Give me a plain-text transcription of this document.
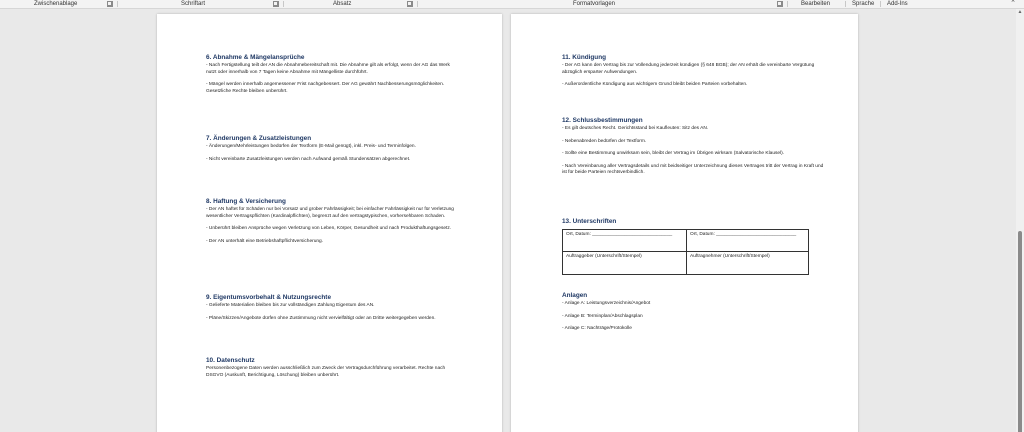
Zwischenablage	Schriftart	Absatz	Formatvorlagen	Bearbeiten	Sprache Add-Ins	⌃
6. Abnahme & Mängelansprüche
- Nach Fertigstellung teilt der AN die Abnahmebereitschaft mit. Die Abnahme gilt als erfolgt, wenn der AG das Werk nutzt oder innerhalb von 7 Tagen keine Abnahme mit Mängelliste durchführt.
- Mängel werden innerhalb angemessener Frist nachgebessert. Der AG gewährt Nachbesserungsmöglichkeiten. Gesetzliche Rechte bleiben unberührt.
7. Änderungen & Zusatzleistungen
- Änderungen/Mehrleistungen bedürfen der Textform (E-Mail genügt), inkl. Preis- und Terminfolgen.
- Nicht vereinbarte Zusatzleistungen werden nach Aufwand gemäß Stundensätzen abgerechnet.
8. Haftung & Versicherung
- Der AN haftet für Schäden nur bei Vorsatz und grober Fahrlässigkeit; bei einfacher Fahrlässigkeit nur für Verletzung wesentlicher Vertragspflichten (Kardinalpflichten), begrenzt auf den vertragstypischen, vorhersehbaren Schaden.
- Unberührt bleiben Ansprüche wegen Verletzung von Leben, Körper, Gesundheit und nach Produkthaftungsgesetz.
- Der AN unterhält eine Betriebshaftpflichtversicherung.
9. Eigentumsvorbehalt & Nutzungsrechte
- Gelieferte Materialien bleiben bis zur vollständigen Zahlung Eigentum des AN.
- Pläne/Skizzen/Angebote dürfen ohne Zustimmung nicht vervielfältigt oder an Dritte weitergegeben werden.
10. Datenschutz
Personenbezogene Daten werden ausschließlich zum Zweck der Vertragsdurchführung verarbeitet. Rechte nach DSGVO (Auskunft, Berichtigung, Löschung) bleiben unberührt.
11. Kündigung
- Der AG kann den Vertrag bis zur Vollendung jederzeit kündigen (§ 648 BGB); der AN erhält die vereinbarte Vergütung abzüglich ersparter Aufwendungen.
- Außerordentliche Kündigung aus wichtigem Grund bleibt beiden Parteien vorbehalten.
12. Schlussbestimmungen
- Es gilt deutsches Recht. Gerichtsstand bei Kaufleuten: Sitz des AN.
- Nebenabreden bedürfen der Textform.
- Sollte eine Bestimmung unwirksam sein, bleibt der Vertrag im Übrigen wirksam (Salvatorische Klausel).
- Nach Vereinbarung aller Vertragsdetails und mit beidseitiger Unterzeichnung dieses Vertrages tritt der Vertrag in Kraft und ist für beide Parteien rechtsverbindlich.
13. Unterschriften
Ort, Datum: ______________________________	Ort, Datum: ______________________________
Auftraggeber (Unterschrift/Stempel)	Auftragnehmer (Unterschrift/Stempel)
Anlagen
- Anlage A: Leistungsverzeichnis/Angebot
- Anlage B: Terminplan/Abschlagsplan
- Anlage C: Nachträge/Protokolle
▲
